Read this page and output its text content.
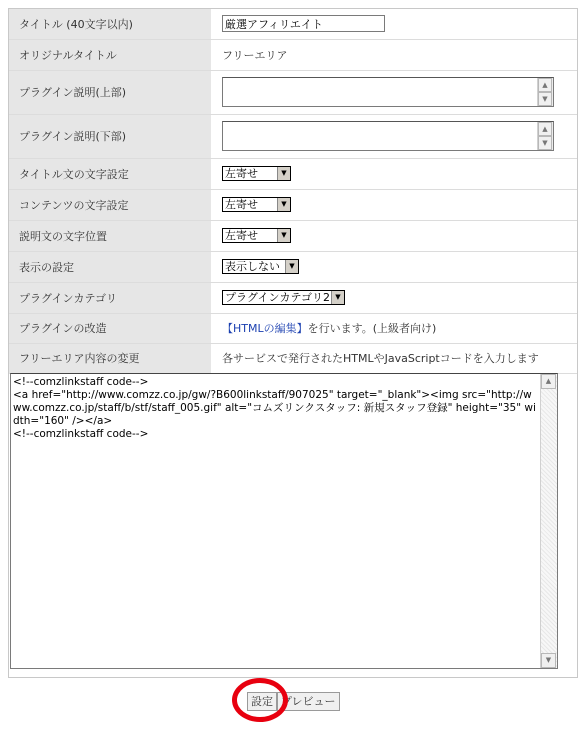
タイトル (40文字以内)	厳選アフィリエイト
オリジナルタイトル	フリーエリア
プラグイン説明(上部)	▲
▼

プラグイン説明(下部)	▲
▼

タイトル文の文字設定	左寄せ ▼

コンテンツの文字設定	左寄せ ▼

説明文の文字位置	左寄せ ▼

表示の設定	表示しない ▼

プラグインカテゴリ	プラグインカテゴリ2 ▼

プラグインの改造	【HTMLの編集】を行います。(上級者向け)
フリーエリア内容の変更	各サービスで発行されたHTMLやJavaScriptコードを入力します
<!--comzlinkstaff code-->
<a href="http://www.comzz.co.jp/gw/?B600linkstaff/907025" target="_blank"><img src="http://www.comzz.co.jp/staff/b/stf/staff_005.gif" alt="コムズリンクスタッフ: 新規スタッフ登録" height="35" width="160" /></a>
<!--comzlinkstaff code-->
▲
▼
設定 プレビュー
